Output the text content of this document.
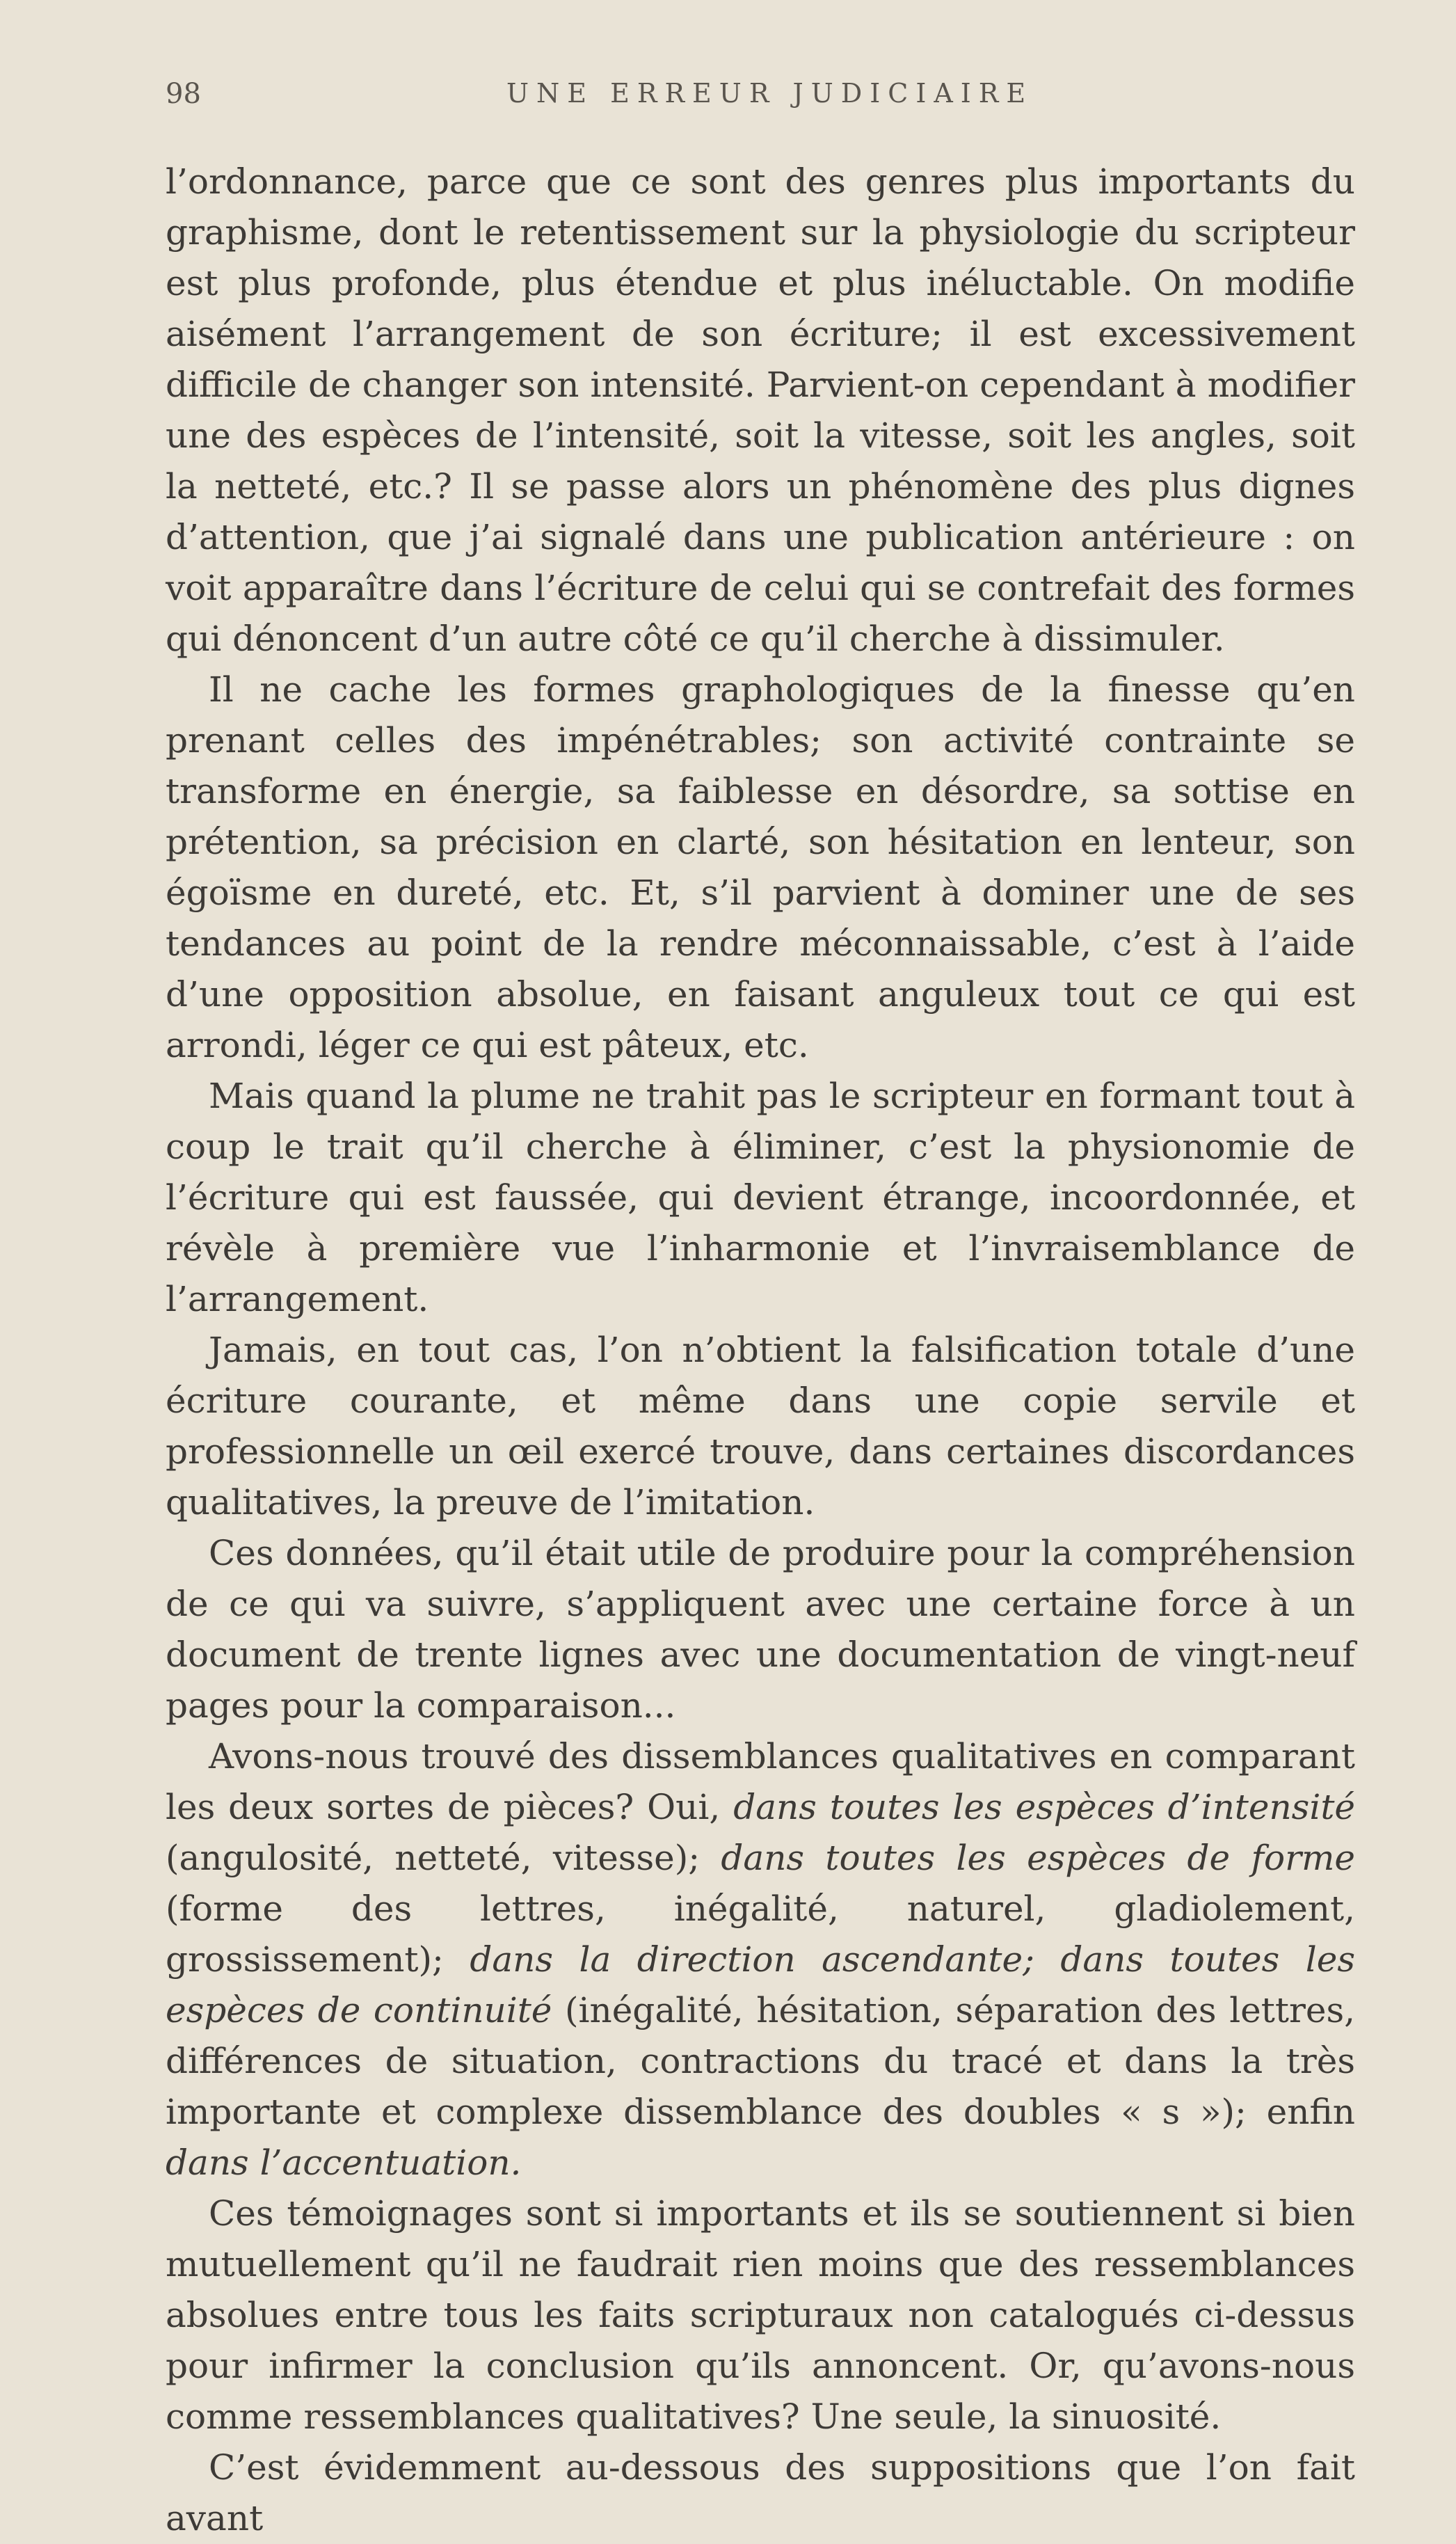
98	UNE ERREUR JUDICIAIRE

l’ordonnance, parce que ce sont des genres plus importants du graphisme, dont le retentissement sur la physiologie du scripteur est plus profonde, plus étendue et plus inéluctable. On modifie aisément l’arrangement de son écriture; il est excessivement difficile de changer son intensité. Parvient-on cependant à modifier une des espèces de l’intensité, soit la vitesse, soit les angles, soit la netteté, etc.? Il se passe alors un phénomène des plus dignes d’attention, que j’ai signalé dans une publication antérieure : on voit apparaître dans l’écriture de celui qui se contrefait des formes qui dénoncent d’un autre côté ce qu’il cherche à dissimuler.

Il ne cache les formes graphologiques de la finesse qu’en prenant celles des impénétrables; son activité contrainte se transforme en énergie, sa faiblesse en désordre, sa sottise en prétention, sa précision en clarté, son hésitation en lenteur, son égoïsme en dureté, etc. Et, s’il parvient à dominer une de ses tendances au point de la rendre méconnaissable, c’est à l’aide d’une opposition absolue, en faisant anguleux tout ce qui est arrondi, léger ce qui est pâteux, etc.

Mais quand la plume ne trahit pas le scripteur en formant tout à coup le trait qu’il cherche à éliminer, c’est la physionomie de l’écriture qui est faussée, qui devient étrange, incoordonnée, et révèle à première vue l’inharmonie et l’invraisemblance de l’arrangement.

Jamais, en tout cas, l’on n’obtient la falsification totale d’une écriture courante, et même dans une copie servile et professionnelle un œil exercé trouve, dans certaines discordances qualitatives, la preuve de l’imitation.

Ces données, qu’il était utile de produire pour la compréhension de ce qui va suivre, s’appliquent avec une certaine force à un document de trente lignes avec une documentation de vingt-neuf pages pour la comparaison...

Avons-nous trouvé des dissemblances qualitatives en comparant les deux sortes de pièces? Oui, dans toutes les espèces d’intensité (angulosité, netteté, vitesse); dans toutes les espèces de forme (forme des lettres, inégalité, naturel, gladiolement, grossissement); dans la direction ascendante; dans toutes les espèces de continuité (inégalité, hésitation, séparation des lettres, différences de situation, contractions du tracé et dans la très importante et complexe dissemblance des doubles « s »); enfin dans l’accentuation.

Ces témoignages sont si importants et ils se soutiennent si bien mutuellement qu’il ne faudrait rien moins que des ressemblances absolues entre tous les faits scripturaux non catalogués ci-dessus pour infirmer la conclusion qu’ils annoncent. Or, qu’avons-nous comme ressemblances qualitatives? Une seule, la sinuosité.

C’est évidemment au-dessous des suppositions que l’on fait avant
